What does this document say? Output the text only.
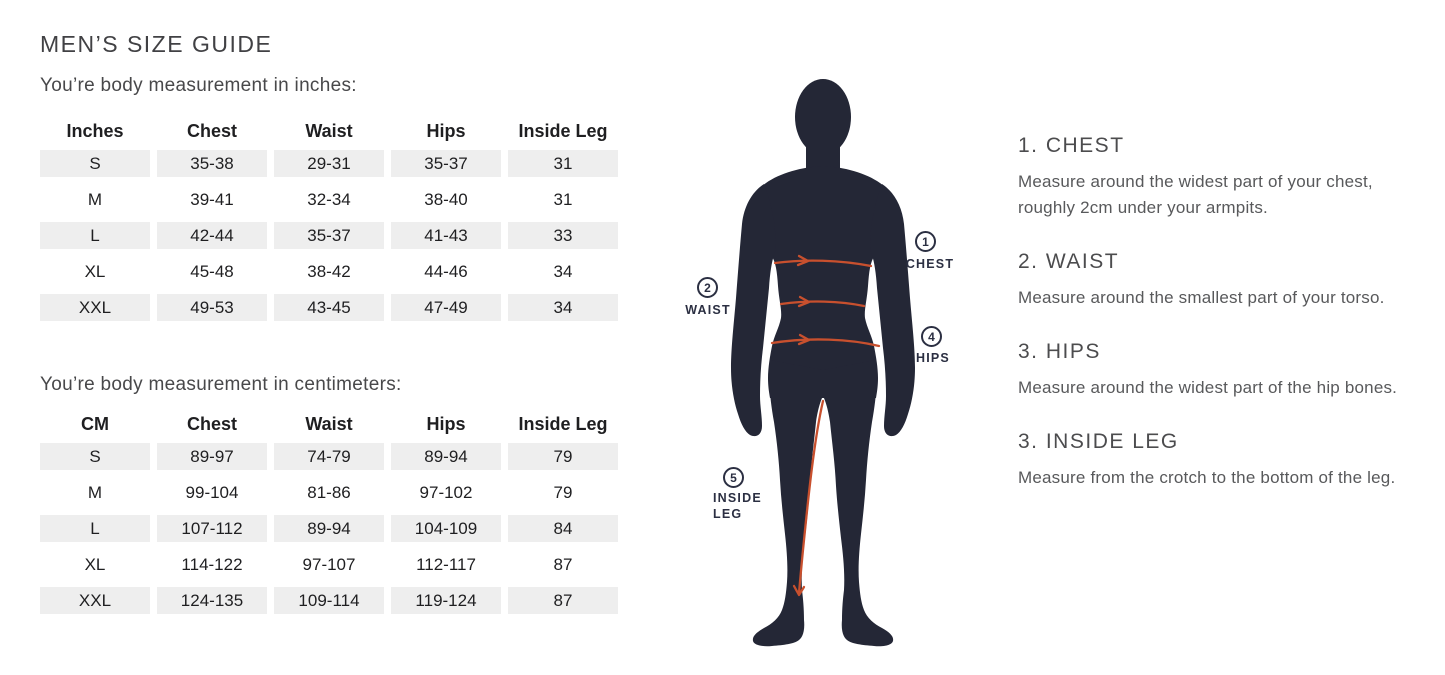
MEN’S SIZE GUIDE
You’re body measurement in inches:
Inches	Chest	Waist	Hips	Inside Leg
S	35-38	29-31	35-37	31
M	39-41	32-34	38-40	31
L	42-44	35-37	41-43	33
XL	45-48	38-42	44-46	34
XXL	49-53	43-45	47-49	34
You’re body measurement in centimeters:
CM	Chest	Waist	Hips	Inside Leg
S	89-97	74-79	89-94	79
M	99-104	81-86	97-102	79
L	107-112	89-94	104-109	84
XL	114-122	97-107	112-117	87
XXL	124-135	109-114	119-124	87
1
CHEST
2
WAIST
4
HIPS
5
INSIDE LEG
1. CHEST
Measure around the widest part of your chest, roughly 2cm under your armpits.
2. WAIST
Measure around the smallest part of your torso.
3. HIPS
Measure around the widest part of the hip bones.
3. INSIDE LEG
Measure from the crotch to the bottom of the leg.
